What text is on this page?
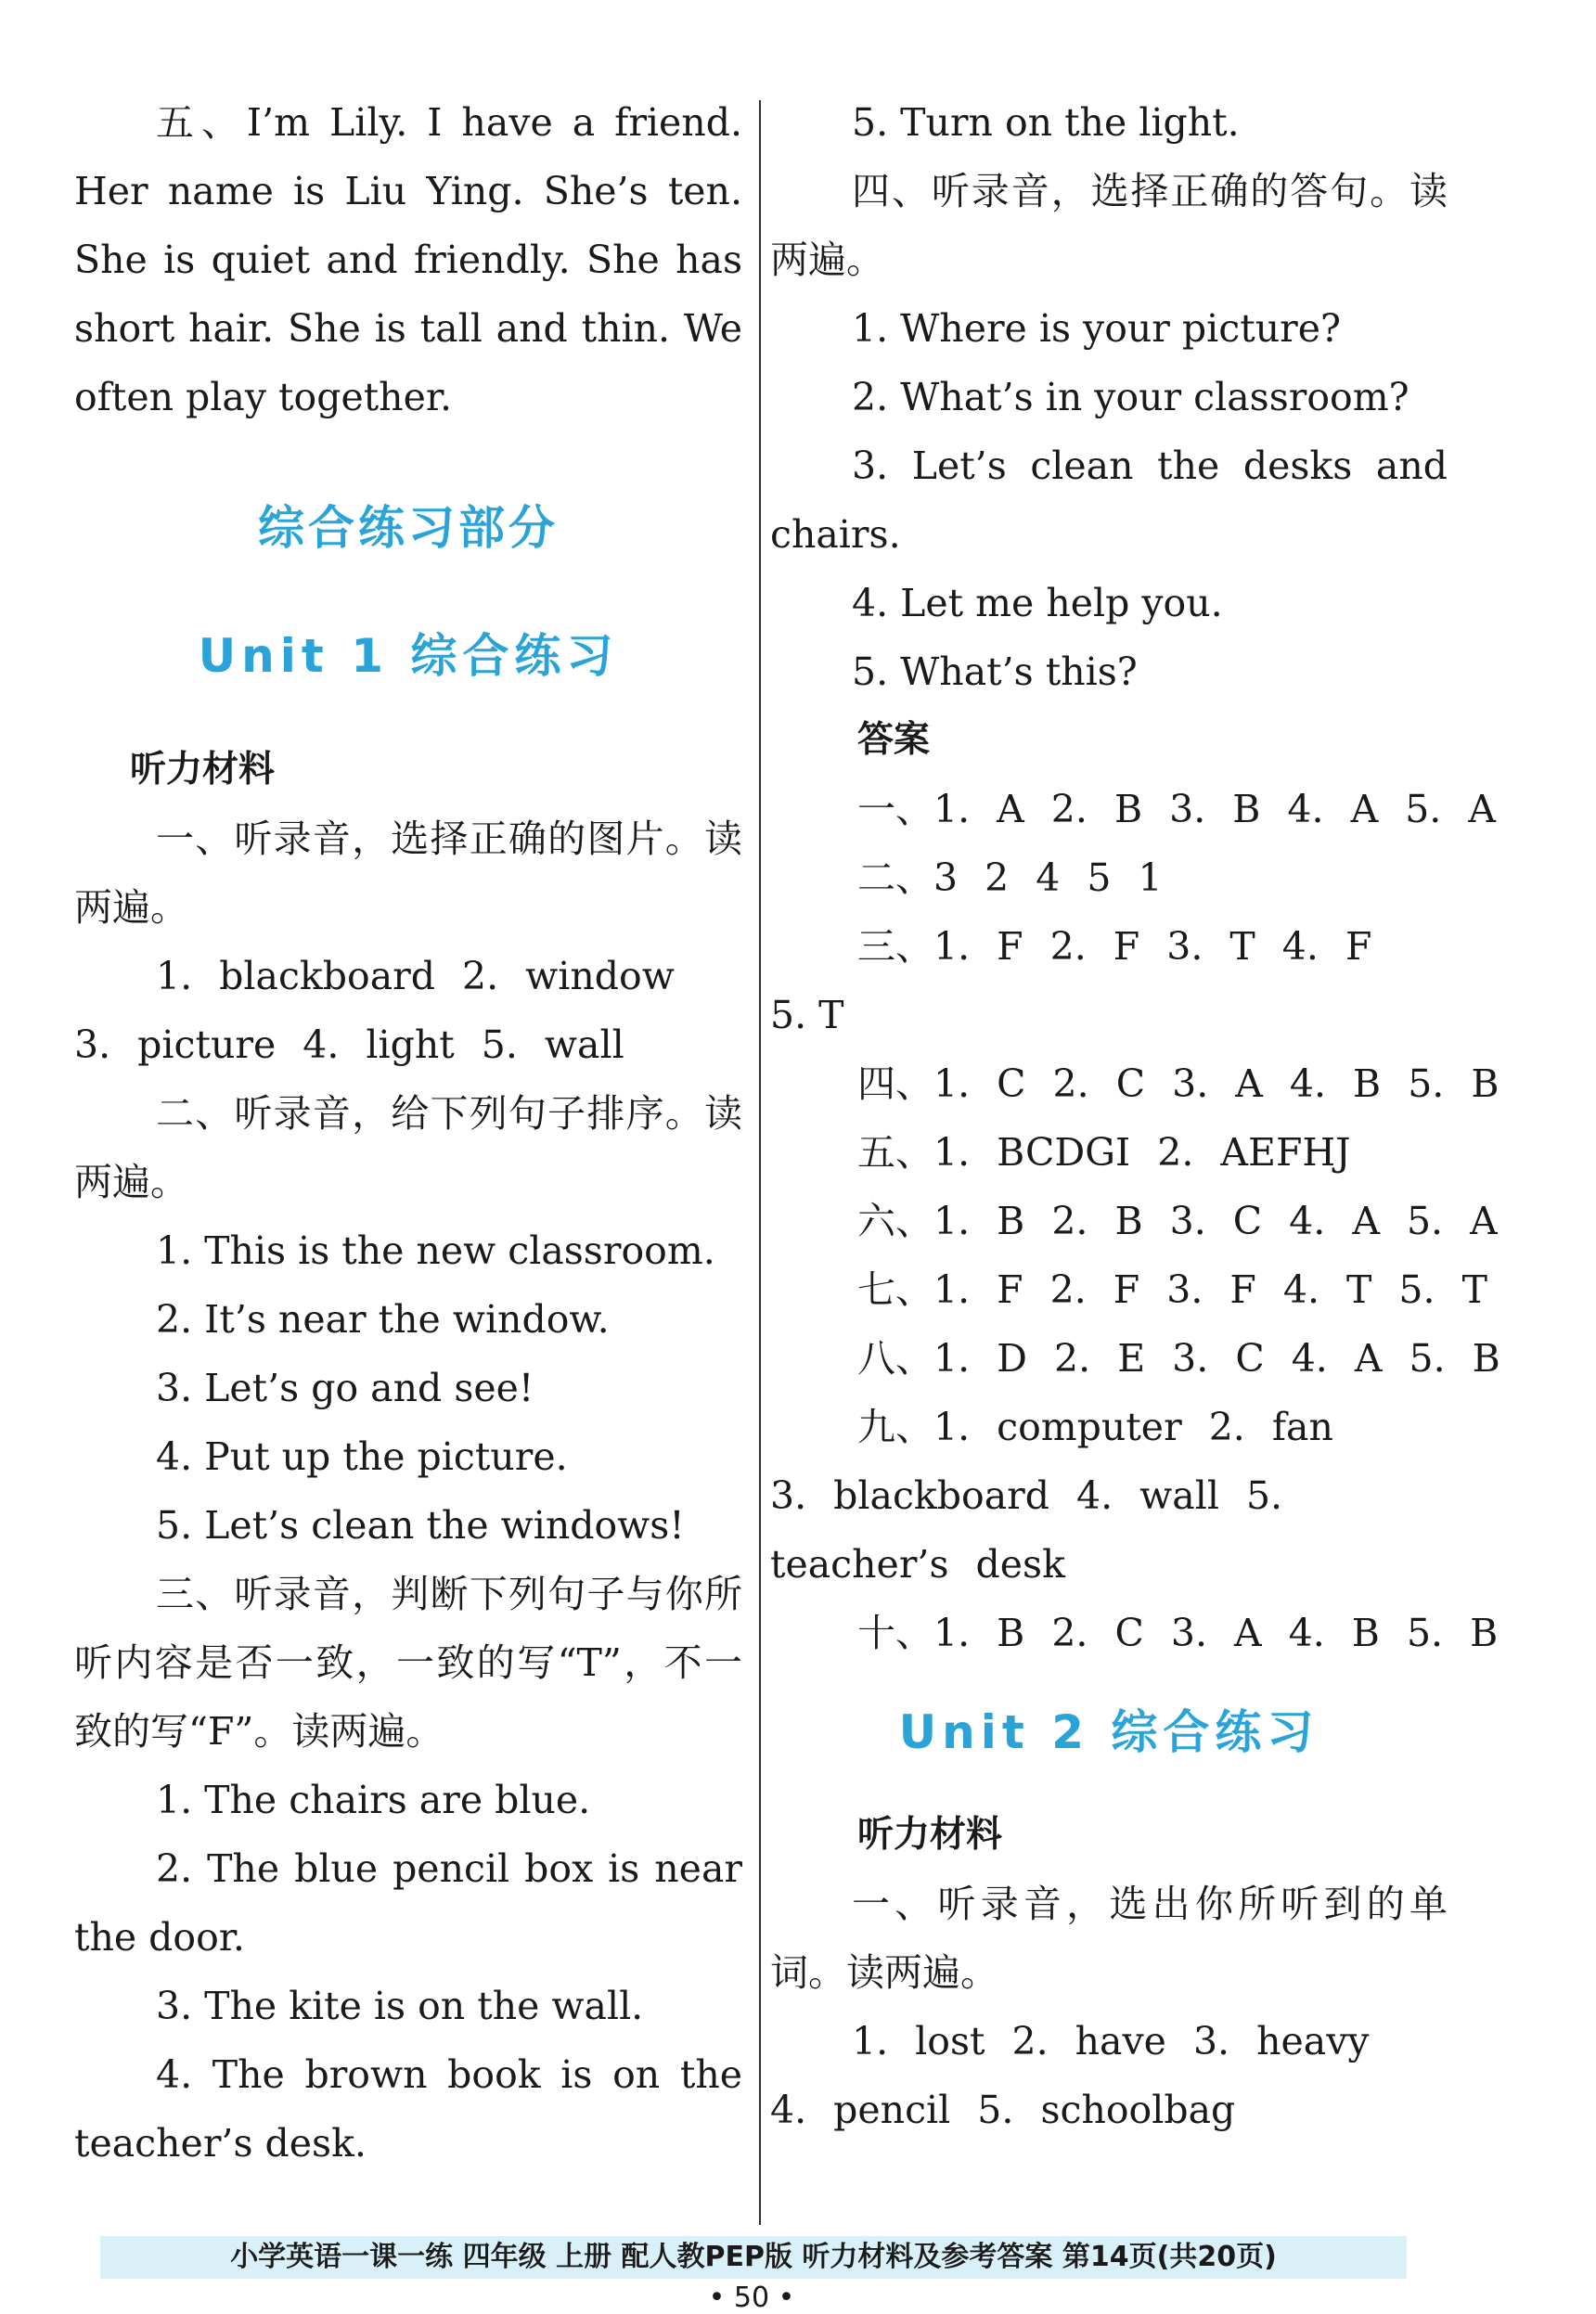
五、I’m Lily. I have a friend.

Her name is Liu Ying. She’s ten. She is quiet and friendly. She has short hair. She is tall and thin. We often play together.

综合练习部分
Unit 1 综合练习

听力材料

一、听录音，选择正确的图片。读两遍。

1. blackboard 2. window

3. picture 4. light 5. wall

二、听录音，给下列句子排序。读两遍。

1. This is the new classroom.

2. It’s near the window.

3. Let’s go and see!

4. Put up the picture.

5. Let’s clean the windows!

三、听录音，判断下列句子与你所听内容是否一致，一致的写“T”，不一致的写“F”。读两遍。

1. The chairs are blue.

2. The blue pencil box is near the door.

3. The kite is on the wall.

4. The brown book is on the teacher’s desk.

5. Turn on the light.

四、听录音，选择正确的答句。读两遍。

1. Where is your picture?

2. What’s in your classroom?

3. Let’s clean the desks and chairs.

4. Let me help you.

5. What’s this?

答案

一、1. A 2. B 3. B 4. A 5. A

二、3 2 4 5 1

三、1. F 2. F 3. T 4. F

5. T

四、1. C 2. C 3. A 4. B 5. B

五、1. BCDGI 2. AEFHJ

六、1. B 2. B 3. C 4. A 5. A

七、1. F 2. F 3. F 4. T 5. T

八、1. D 2. E 3. C 4. A 5. B

九、1. computer 2. fan

3. blackboard 4. wall 5. teacher’s desk

十、1. B 2. C 3. A 4. B 5. B

Unit 2 综合练习

听力材料

一、听录音，选出你所听到的单词。读两遍。

1. lost 2. have 3. heavy

4. pencil 5. schoolbag

小学英语一课一练 四年级 上册 配人教PEP版 听力材料及参考答案 第14页(共20页)
• 50 •
